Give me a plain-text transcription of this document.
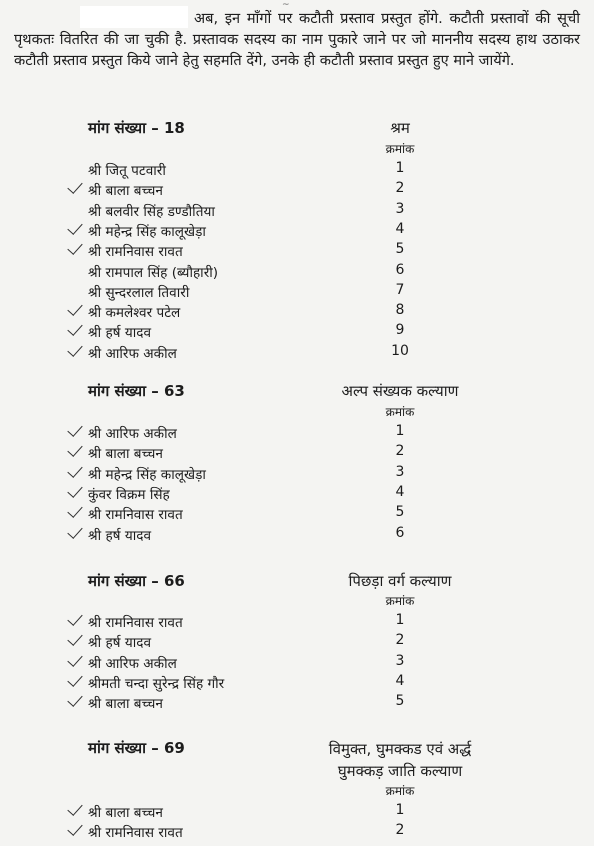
~
अब, इन माँगों पर कटौती प्रस्ताव प्रस्तुत होंगे. कटौती प्रस्तावों की सूची पृथकतः वितरित की जा चुकी है. प्रस्तावक सदस्य का नाम पुकारे जाने पर जो माननीय सदस्य हाथ उठाकर कटौती प्रस्ताव प्रस्तुत किये जाने हेतु सहमति देंगे, उनके ही कटौती प्रस्ताव प्रस्तुत हुए माने जायेंगे.
मांग संख्या – 18	श्रम
क्रमांक
श्री जितू पटवारी	1
श्री बाला बच्चन	2
श्री बलवीर सिंह डण्डौतिया	3
श्री महेन्द्र सिंह कालूखेड़ा	4
श्री रामनिवास रावत	5
श्री रामपाल सिंह (ब्यौहारी)	6
श्री सुन्दरलाल तिवारी	7
श्री कमलेश्वर पटेल	8
श्री हर्ष यादव	9
श्री आरिफ अकील	10
मांग संख्या – 63	अल्प संख्यक कल्याण
क्रमांक
श्री आरिफ अकील	1
श्री बाला बच्चन	2
श्री महेन्द्र सिंह कालूखेड़ा	3
कुंवर विक्रम सिंह	4
श्री रामनिवास रावत	5
श्री हर्ष यादव	6
मांग संख्या – 66	पिछड़ा वर्ग कल्याण
क्रमांक
श्री रामनिवास रावत	1
श्री हर्ष यादव	2
श्री आरिफ अकील	3
श्रीमती चन्दा सुरेन्द्र सिंह गौर	4
श्री बाला बच्चन	5
मांग संख्या – 69	विमुक्त, घुमक्कड एवं अर्द्ध
घुमक्कड़ जाति कल्याण
क्रमांक
श्री बाला बच्चन	1
श्री रामनिवास रावत	2
